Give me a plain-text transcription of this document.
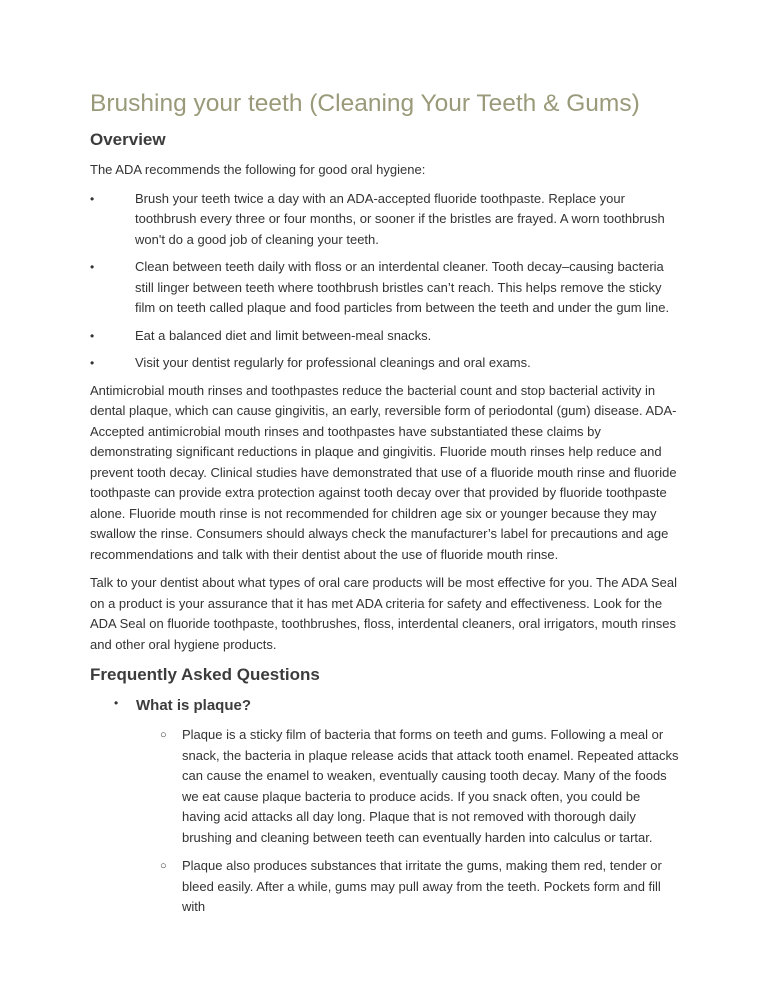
Brushing your teeth (Cleaning Your Teeth & Gums)
Overview

The ADA recommends the following for good oral hygiene:

•	Brush your teeth twice a day with an ADA-accepted fluoride toothpaste. Replace your toothbrush every three or four months, or sooner if the bristles are frayed. A worn toothbrush won't do a good job of cleaning your teeth.
•	Clean between teeth daily with floss or an interdental cleaner. Tooth decay–causing bacteria still linger between teeth where toothbrush bristles can’t reach. This helps remove the sticky film on teeth called plaque and food particles from between the teeth and under the gum line.
•	Eat a balanced diet and limit between-meal snacks.
•	Visit your dentist regularly for professional cleanings and oral exams.

Antimicrobial mouth rinses and toothpastes reduce the bacterial count and stop bacterial activity in dental plaque, which can cause gingivitis, an early, reversible form of periodontal (gum) disease. ADA-Accepted antimicrobial mouth rinses and toothpastes have substantiated these claims by demonstrating significant reductions in plaque and gingivitis. Fluoride mouth rinses help reduce and prevent tooth decay. Clinical studies have demonstrated that use of a fluoride mouth rinse and fluoride toothpaste can provide extra protection against tooth decay over that provided by fluoride toothpaste alone. Fluoride mouth rinse is not recommended for children age six or younger because they may swallow the rinse. Consumers should always check the manufacturer’s label for precautions and age recommendations and talk with their dentist about the use of fluoride mouth rinse.

Talk to your dentist about what types of oral care products will be most effective for you. The ADA Seal on a product is your assurance that it has met ADA criteria for safety and effectiveness. Look for the ADA Seal on fluoride toothpaste, toothbrushes, floss, interdental cleaners, oral irrigators, mouth rinses and other oral hygiene products.

Frequently Asked Questions
• What is plaque?
○ Plaque is a sticky film of bacteria that forms on teeth and gums. Following a meal or snack, the bacteria in plaque release acids that attack tooth enamel. Repeated attacks can cause the enamel to weaken, eventually causing tooth decay. Many of the foods we eat cause plaque bacteria to produce acids. If you snack often, you could be having acid attacks all day long. Plaque that is not removed with thorough daily brushing and cleaning between teeth can eventually harden into calculus or tartar.
○ Plaque also produces substances that irritate the gums, making them red, tender or bleed easily. After a while, gums may pull away from the teeth. Pockets form and fill with
